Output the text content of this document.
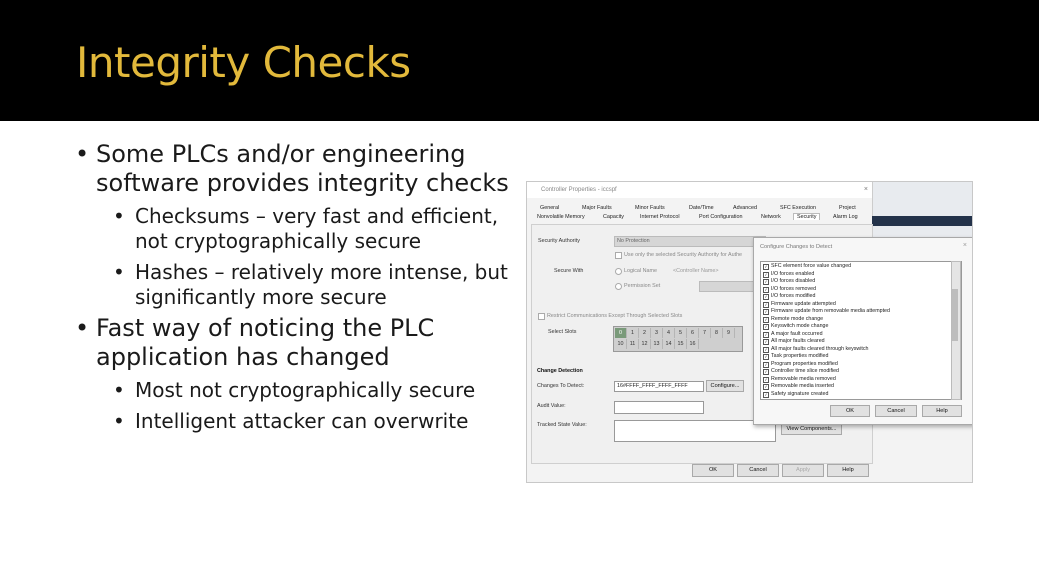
Integrity Checks

• Some PLCs and/or engineering software provides integrity checks

• Checksums – very fast and efficient, not cryptographically secure

• Hashes – relatively more intense, but significantly more secure

• Fast way of noticing the PLC application has changed

• Most not cryptographically secure

• Intelligent attacker can overwrite

Controller Properties - iccspf	×
General	Major Faults	Minor Faults	Date/Time	Advanced	SFC Execution	Project
Nonvolatile Memory	Capacity	Internet Protocol	Port Configuration	Network	Security	Alarm Log
Security Authority	No Protection
Use only the selected Security Authority for Authe
Secure With	Logical Name	<Controller Name>
Permission Set
Restrict Communications Except Through Selected Slots
Select Slots	0	1	2	3	4	5	6	7	8	9
10	11	12	13	14	15	16
Change Detection
Changes To Detect:	16#FFFF_FFFF_FFFF_FFFF	Configure...
Audit Value:
Tracked State Value:
View Components...
OK	Cancel	Apply	Help
Configure Changes to Detect	×
✓ SFC element force value changed
✓ I/O forces enabled
✓ I/O forces disabled
✓ I/O forces removed
✓ I/O forces modified
✓ Firmware update attempted
✓ Firmware update from removable media attempted
✓ Remote mode change
✓ Keyswitch mode change
✓ A major fault occurred
✓ All major faults cleared
✓ All major faults cleared through keyswitch
✓ Task properties modified
✓ Program properties modified
✓ Controller time slice modified
✓ Removable media removed
✓ Removable media inserted
✓ Safety signature created
OK	Cancel	Help
